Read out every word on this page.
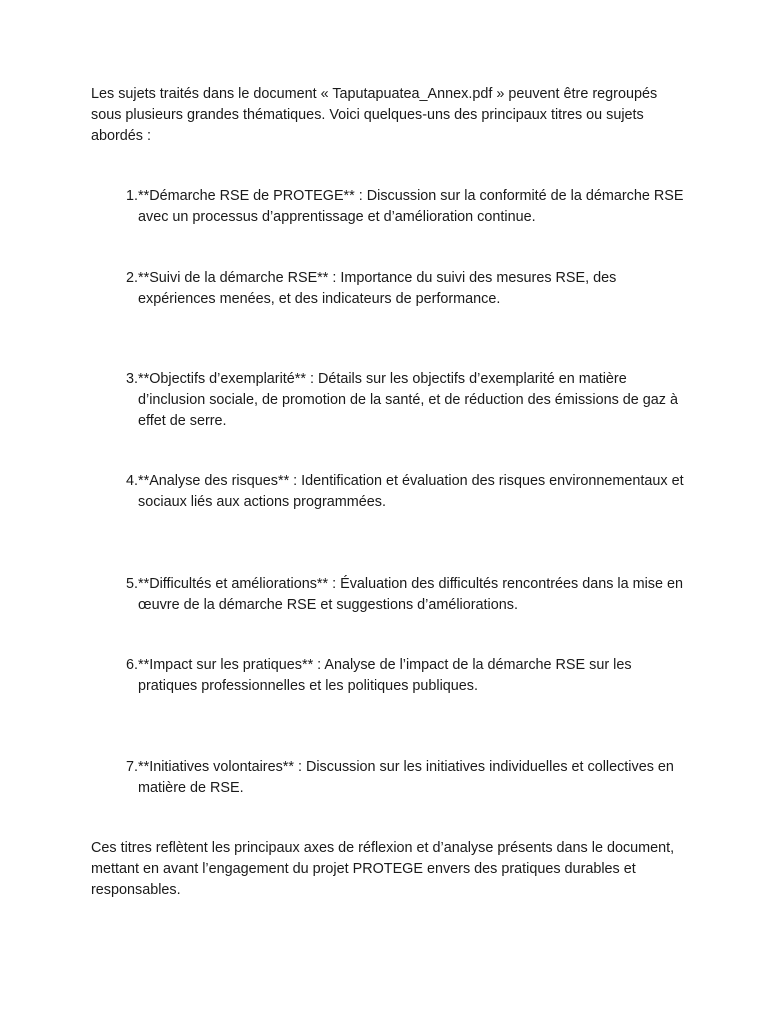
Les sujets traités dans le document « Taputapuatea_Annex.pdf » peuvent être regroupés sous plusieurs grandes thématiques. Voici quelques-uns des principaux titres ou sujets abordés :

1. **Démarche RSE de PROTEGE** : Discussion sur la conformité de la démarche RSE avec un processus d’apprentissage et d’amélioration continue.

2. **Suivi de la démarche RSE** : Importance du suivi des mesures RSE, des expériences menées, et des indicateurs de performance.

3. **Objectifs d’exemplarité** : Détails sur les objectifs d’exemplarité en matière d’inclusion sociale, de promotion de la santé, et de réduction des émissions de gaz à effet de serre.

4. **Analyse des risques** : Identification et évaluation des risques environnementaux et sociaux liés aux actions programmées.

5. **Difficultés et améliorations** : Évaluation des difficultés rencontrées dans la mise en œuvre de la démarche RSE et suggestions d’améliorations.

6. **Impact sur les pratiques** : Analyse de l’impact de la démarche RSE sur les pratiques professionnelles et les politiques publiques.

7. **Initiatives volontaires** : Discussion sur les initiatives individuelles et collectives en matière de RSE.

Ces titres reflètent les principaux axes de réflexion et d’analyse présents dans le document, mettant en avant l’engagement du projet PROTEGE envers des pratiques durables et responsables.
